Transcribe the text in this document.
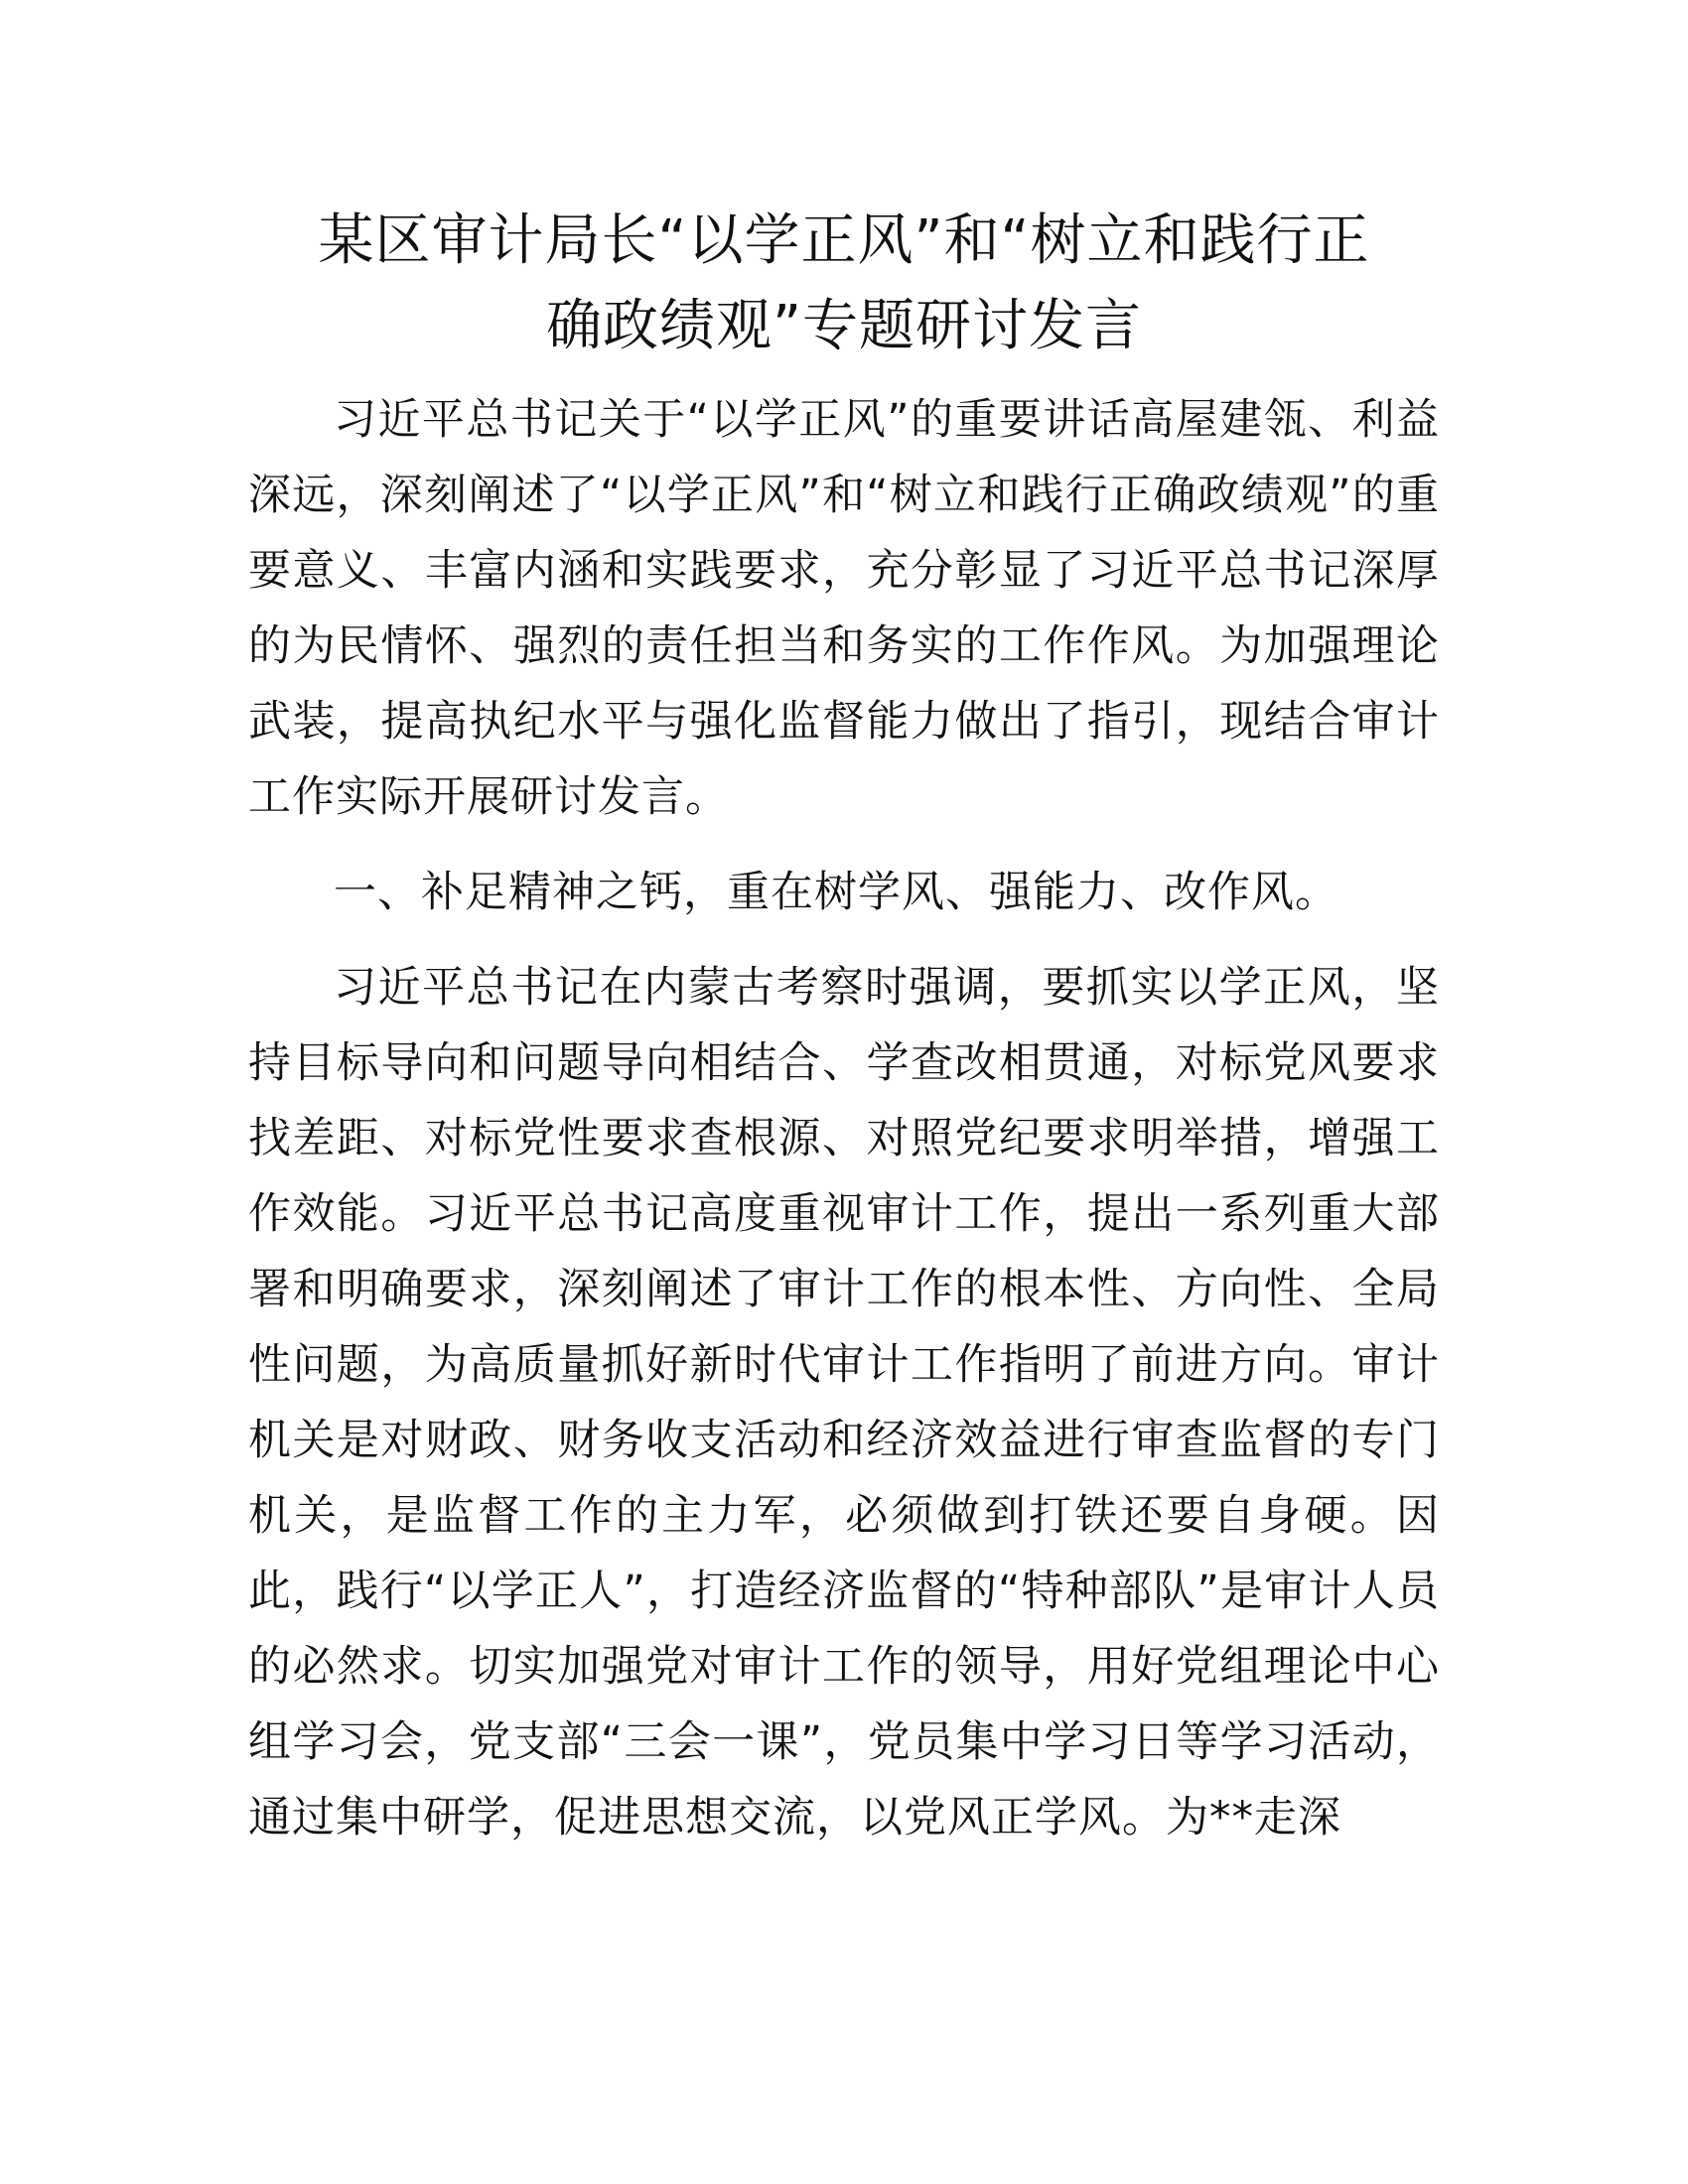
某区审计局长“以学正风”和“树立和践行正
确政绩观”专题研讨发言

习近平总书记关于“以学正风”的重要讲话高屋建瓴、利益深远，深刻阐述了“以学正风”和“树立和践行正确政绩观”的重要意义、丰富内涵和实践要求，充分彰显了习近平总书记深厚的为民情怀、强烈的责任担当和务实的工作作风。为加强理论武装，提高执纪水平与强化监督能力做出了指引，现结合审计工作实际开展研讨发言。

一、补足精神之钙，重在树学风、强能力、改作风。

习近平总书记在内蒙古考察时强调，要抓实以学正风，坚持目标导向和问题导向相结合、学查改相贯通，对标党风要求找差距、对标党性要求查根源、对照党纪要求明举措，增强工作效能。习近平总书记高度重视审计工作，提出一系列重大部署和明确要求，深刻阐述了审计工作的根本性、方向性、全局性问题，为高质量抓好新时代审计工作指明了前进方向。审计机关是对财政、财务收支活动和经济效益进行审查监督的专门机关，是监督工作的主力军，必须做到打铁还要自身硬。因此，践行“以学正人”，打造经济监督的“特种部队”是审计人员的必然求。切实加强党对审计工作的领导，用好党组理论中心组学习会，党支部“三会一课”，党员集中学习日等学习活动，通过集中研学，促进思想交流，以党风正学风。为**走深
